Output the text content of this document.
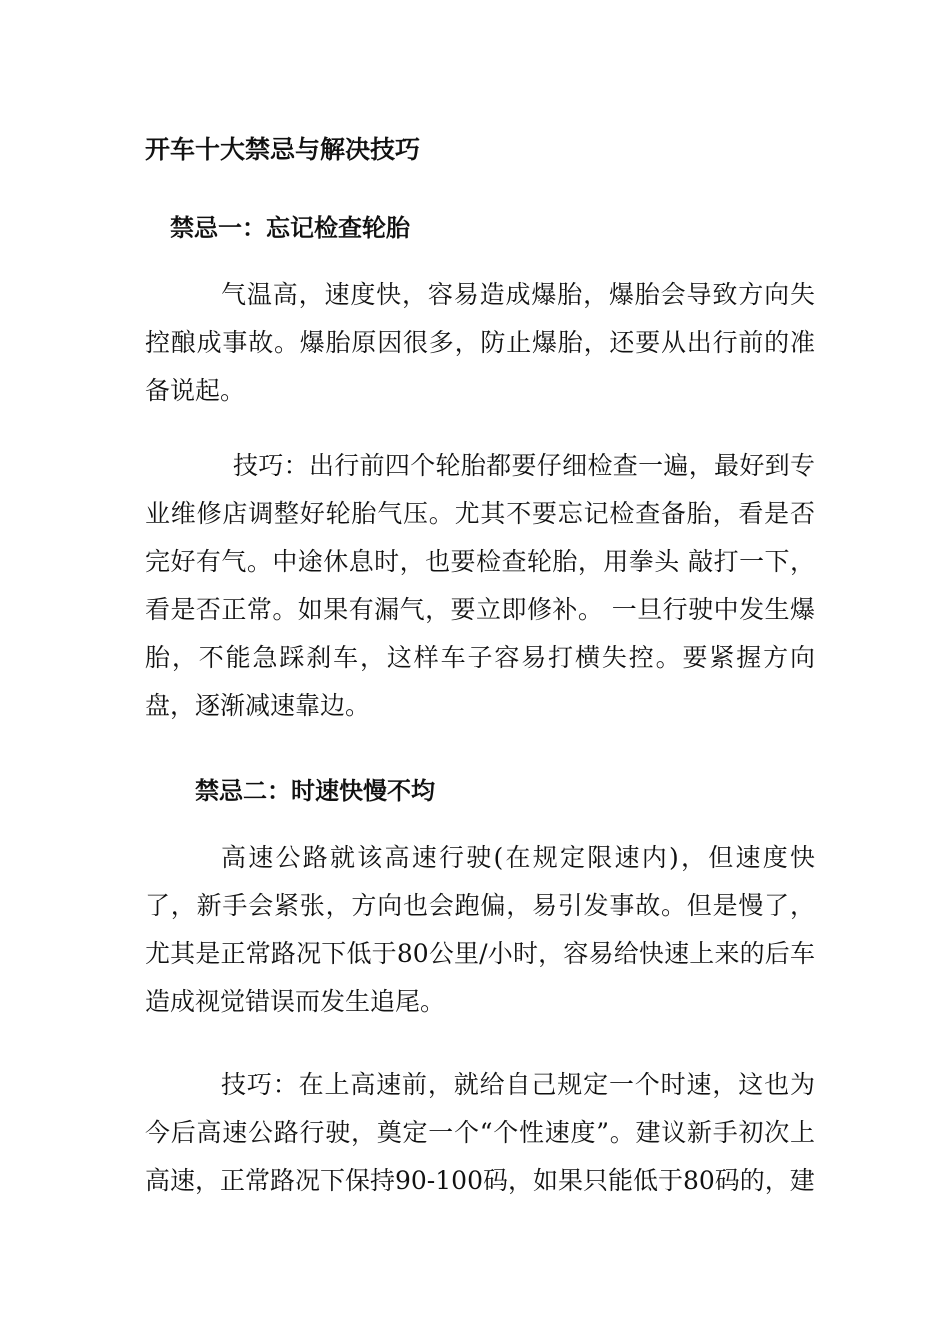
开车十大禁忌与解决技巧
禁忌一：忘记检查轮胎
气温高，速度快，容易造成爆胎，爆胎会导致方向失控酿成事故。爆胎原因很多，防止爆胎，还要从出行前的准备说起。
技巧：出行前四个轮胎都要仔细检查一遍，最好到专业维修店调整好轮胎气压。尤其不要忘记检查备胎，看是否完好有气。中途休息时，也要检查轮胎，用拳头 敲打一下，看是否正常。如果有漏气，要立即修补。 一旦行驶中发生爆胎，不能急踩刹车，这样车子容易打横失控。要紧握方向盘，逐渐减速靠边。
禁忌二：时速快慢不均
高速公路就该高速行驶(在规定限速内)，但速度快了，新手会紧张，方向也会跑偏，易引发事故。但是慢了，尤其是正常路况下低于80公里/小时，容易给快速上来的后车造成视觉错误而发生追尾。
技巧：在上高速前，就给自己规定一个时速，这也为今后高速公路行驶，奠定一个“个性速度”。建议新手初次上高速，正常路况下保持90-100码，如果只能低于80码的，建
